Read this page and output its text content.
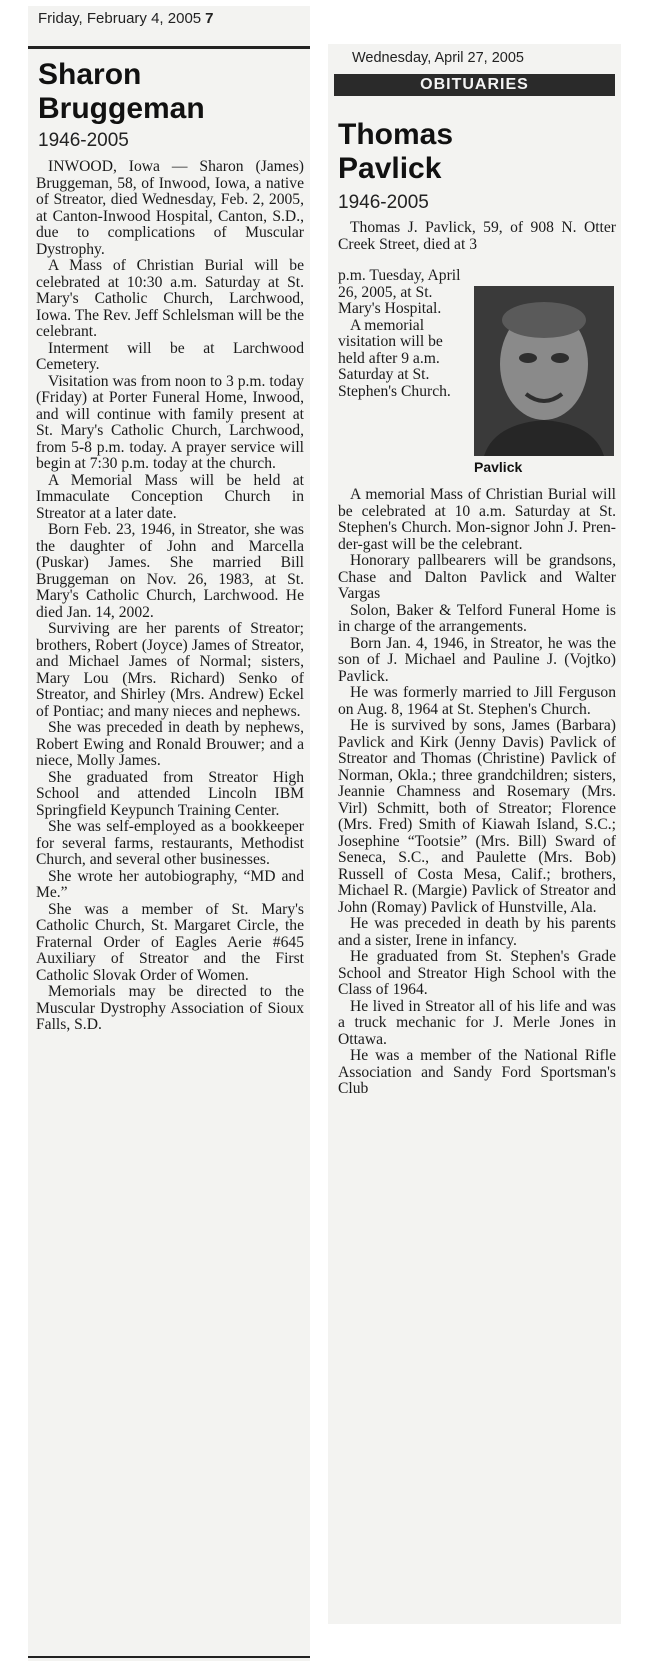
Friday, February 4, 2005 7
Sharon
Bruggeman

1946-2005

INWOOD, Iowa — Sharon (James) Bruggeman, 58, of Inwood, Iowa, a native of Streator, died Wednesday, Feb. 2, 2005, at Canton-Inwood Hospital, Canton, S.D., due to complications of Muscular Dystrophy.

A Mass of Christian Burial will be celebrated at 10:30 a.m. Saturday at St. Mary's Catholic Church, Larchwood, Iowa. The Rev. Jeff Schlelsman will be the celebrant.

Interment will be at Larchwood Cemetery.

Visitation was from noon to 3 p.m. today (Friday) at Porter Funeral Home, Inwood, and will continue with family present at St. Mary's Catholic Church, Larchwood, from 5-8 p.m. today. A prayer service will begin at 7:30 p.m. today at the church.

A Memorial Mass will be held at Immaculate Conception Church in Streator at a later date.

Born Feb. 23, 1946, in Streator, she was the daughter of John and Marcella (Puskar) James. She married Bill Bruggeman on Nov. 26, 1983, at St. Mary's Catholic Church, Larchwood. He died Jan. 14, 2002.

Surviving are her parents of Streator; brothers, Robert (Joyce) James of Streator, and Michael James of Normal; sisters, Mary Lou (Mrs. Richard) Senko of Streator, and Shirley (Mrs. Andrew) Eckel of Pontiac; and many nieces and nephews.

She was preceded in death by nephews, Robert Ewing and Ronald Brouwer; and a niece, Molly James.

She graduated from Streator High School and attended Lincoln IBM Springfield Keypunch Training Center.

She was self-employed as a bookkeeper for several farms, restaurants, Methodist Church, and several other businesses.

She wrote her autobiography, “MD and Me.”

She was a member of St. Mary's Catholic Church, St. Margaret Circle, the Fraternal Order of Eagles Aerie #645 Auxiliary of Streator and the First Catholic Slovak Order of Women.

Memorials may be directed to the Muscular Dystrophy Association of Sioux Falls, S.D.

Wednesday, April 27, 2005
OBITUARIES
Thomas
Pavlick

1946-2005

Thomas J. Pavlick, 59, of 908 N. Otter Creek Street, died at 3

p.m. Tuesday, April 26, 2005, at St. Mary's Hospital.

A memorial visitation will be held after 9 a.m. Saturday at St. Stephen's Church.

Pavlick

A memorial Mass of Christian Burial will be celebrated at 10 a.m. Saturday at St. Stephen's Church. Mon-signor John J. Pren-der-gast will be the celebrant.

Honorary pallbearers will be grandsons, Chase and Dalton Pavlick and Walter Vargas

Solon, Baker & Telford Funeral Home is in charge of the arrangements.

Born Jan. 4, 1946, in Streator, he was the son of J. Michael and Pauline J. (Vojtko) Pavlick.

He was formerly married to Jill Ferguson on Aug. 8, 1964 at St. Stephen's Church.

He is survived by sons, James (Barbara) Pavlick and Kirk (Jenny Davis) Pavlick of Streator and Thomas (Christine) Pavlick of Norman, Okla.; three grandchildren; sisters, Jeannie Chamness and Rosemary (Mrs. Virl) Schmitt, both of Streator; Florence (Mrs. Fred) Smith of Kiawah Island, S.C.; Josephine “Tootsie” (Mrs. Bill) Sward of Seneca, S.C., and Paulette (Mrs. Bob) Russell of Costa Mesa, Calif.; brothers, Michael R. (Margie) Pavlick of Streator and John (Romay) Pavlick of Hunstville, Ala.

He was preceded in death by his parents and a sister, Irene in infancy.

He graduated from St. Stephen's Grade School and Streator High School with the Class of 1964.

He lived in Streator all of his life and was a truck mechanic for J. Merle Jones in Ottawa.

He was a member of the National Rifle Association and Sandy Ford Sportsman's Club
